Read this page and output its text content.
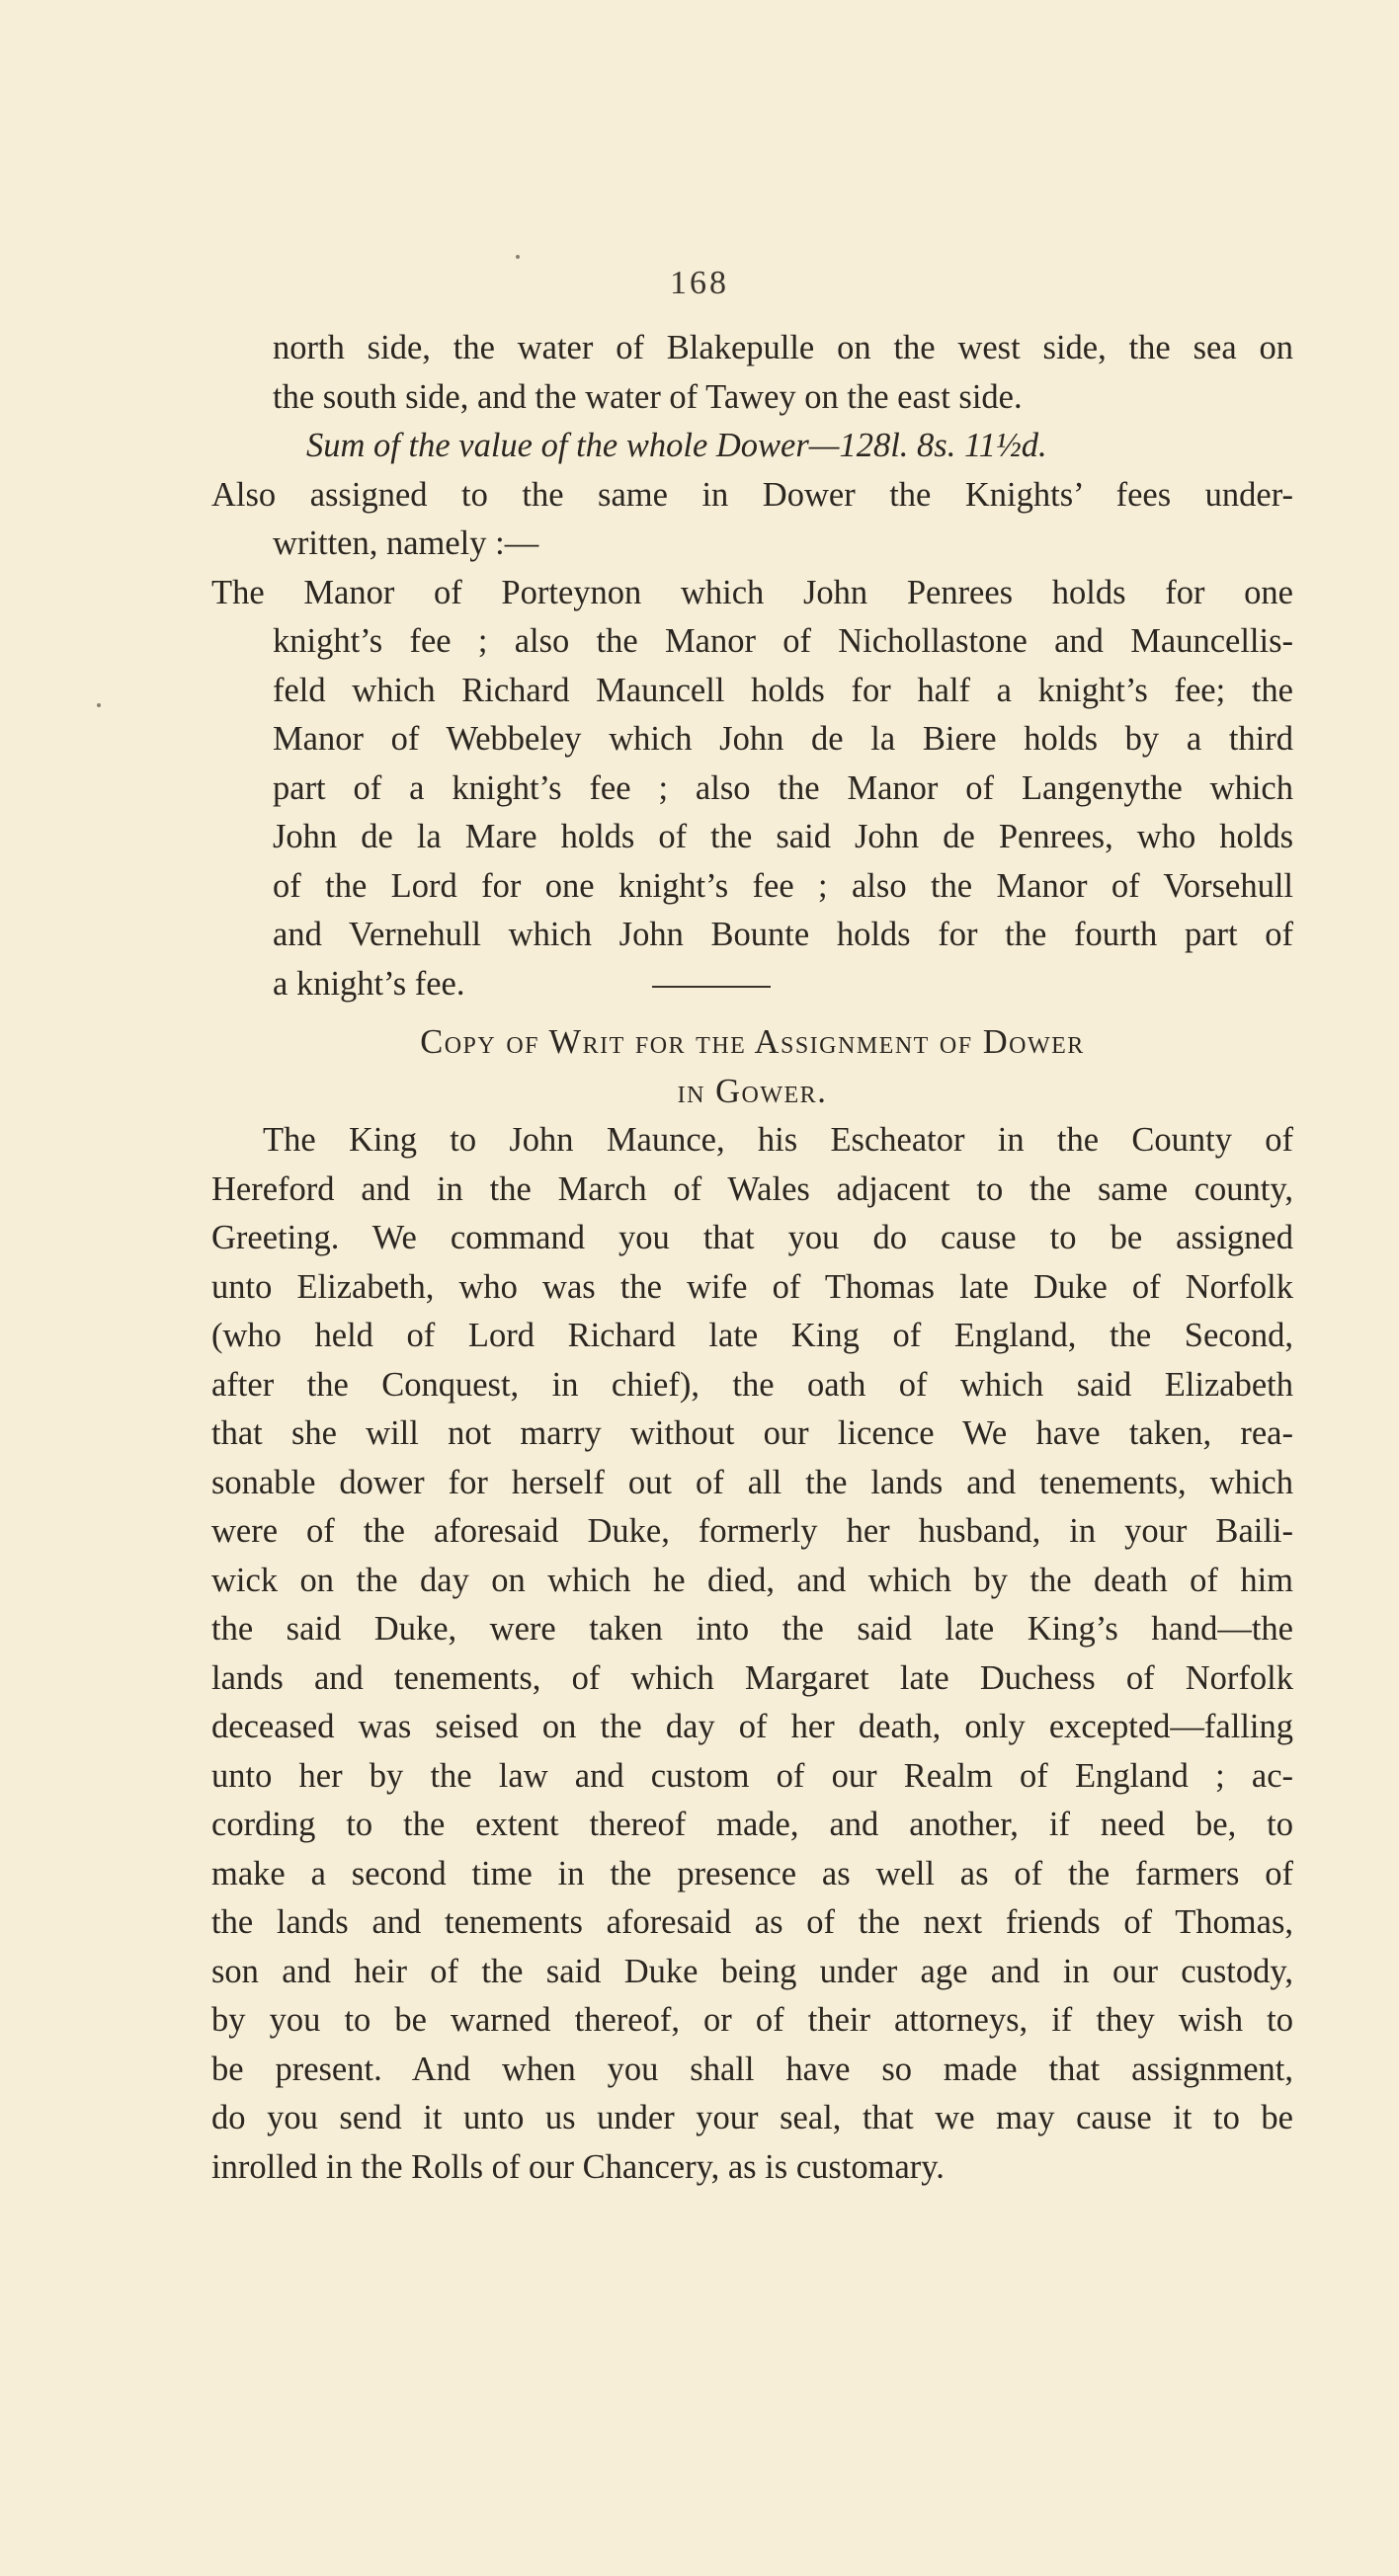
168
north side, the water of Blakepulle on the west side, the sea on
the south side, and the water of Tawey on the east side.
Sum of the value of the whole Dower—128l. 8s. 11½d.
Also assigned to the same in Dower the Knights’ fees under-
written, namely :—
The Manor of Porteynon which John Penrees holds for one
knight’s fee ; also the Manor of Nichollastone and Mauncellis-
feld which Richard Mauncell holds for half a knight’s fee; the
Manor of Webbeley which John de la Biere holds by a third
part of a knight’s fee ; also the Manor of Langenythe which
John de la Mare holds of the said John de Penrees, who holds
of the Lord for one knight’s fee ; also the Manor of Vorsehull
and Vernehull which John Bounte holds for the fourth part of
a knight’s fee.
Copy of Writ for the Assignment of Dower
in Gower.
The King to John Maunce, his Escheator in the County of
Hereford and in the March of Wales adjacent to the same county,
Greeting. We command you that you do cause to be assigned
unto Elizabeth, who was the wife of Thomas late Duke of Norfolk
(who held of Lord Richard late King of England, the Second,
after the Conquest, in chief), the oath of which said Elizabeth
that she will not marry without our licence We have taken, rea-
sonable dower for herself out of all the lands and tenements, which
were of the aforesaid Duke, formerly her husband, in your Baili-
wick on the day on which he died, and which by the death of him
the said Duke, were taken into the said late King’s hand—the
lands and tenements, of which Margaret late Duchess of Norfolk
deceased was seised on the day of her death, only excepted—falling
unto her by the law and custom of our Realm of England ; ac-
cording to the extent thereof made, and another, if need be, to
make a second time in the presence as well as of the farmers of
the lands and tenements aforesaid as of the next friends of Thomas,
son and heir of the said Duke being under age and in our custody,
by you to be warned thereof, or of their attorneys, if they wish to
be present. And when you shall have so made that assignment,
do you send it unto us under your seal, that we may cause it to be
inrolled in the Rolls of our Chancery, as is customary.
